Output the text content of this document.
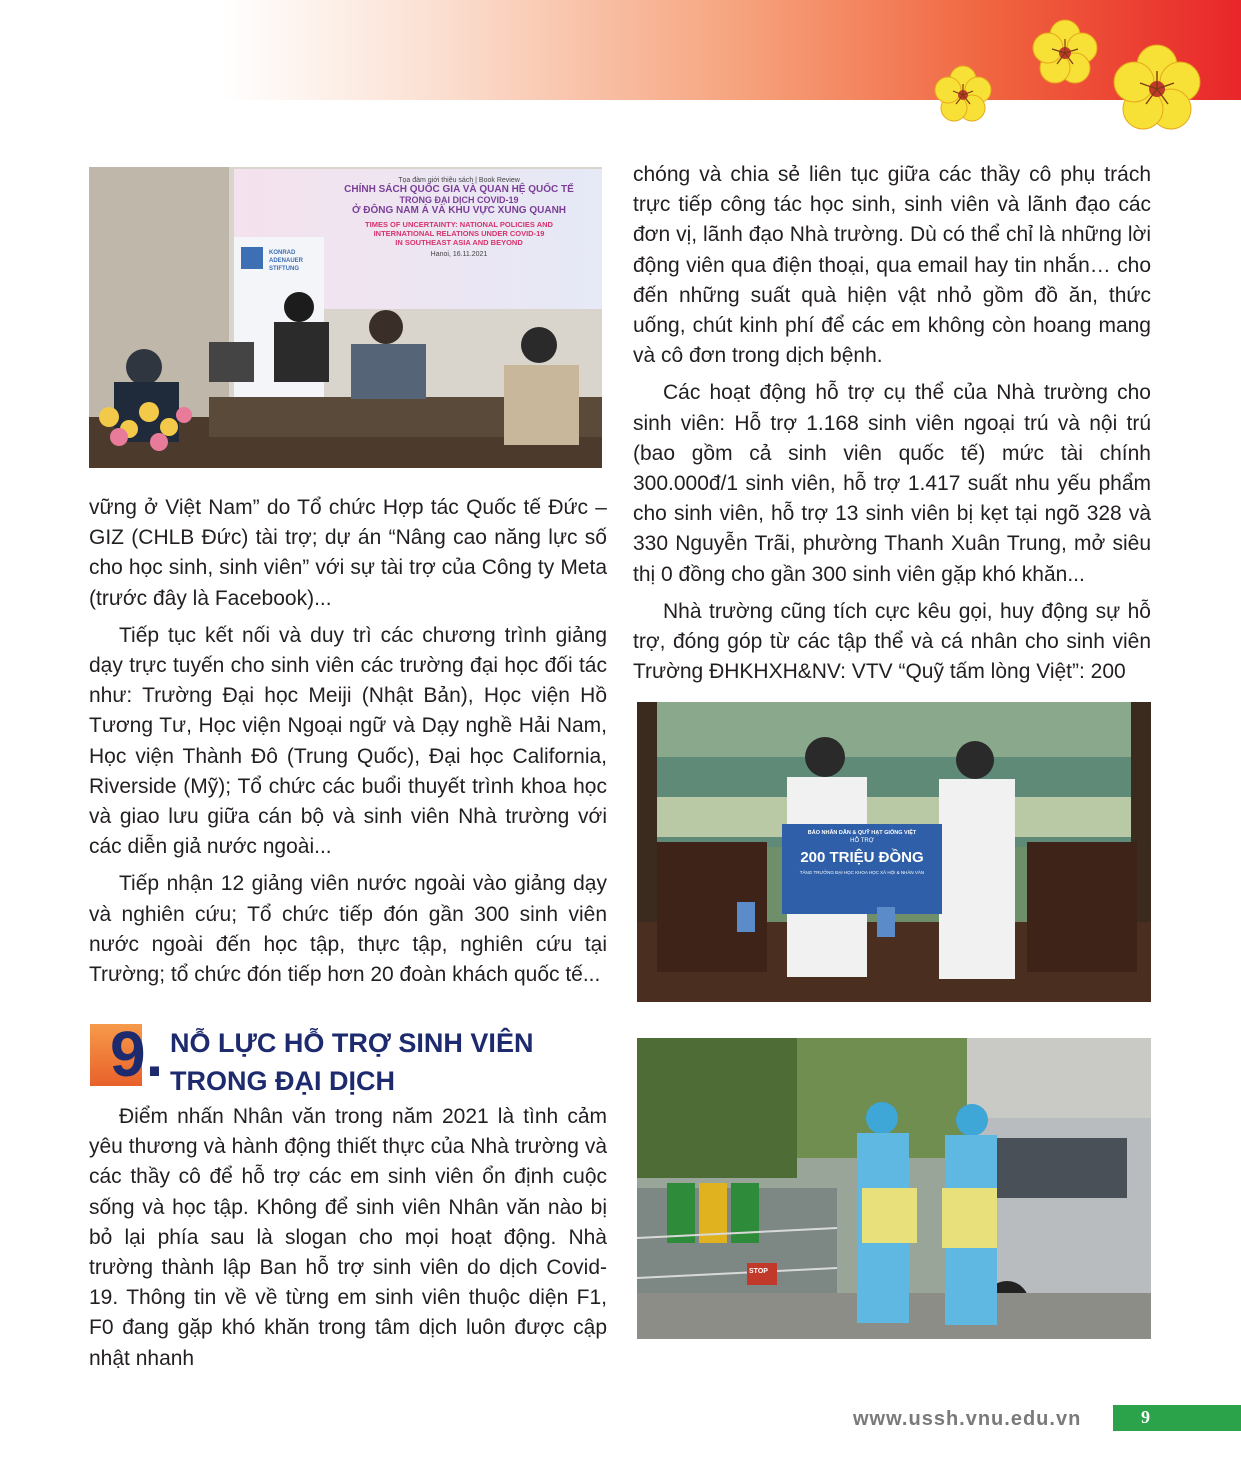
Tọa đàm giới thiệu sách | Book Review
CHÍNH SÁCH QUỐC GIA VÀ QUAN HỆ QUỐC TẾ
TRONG ĐẠI DỊCH COVID-19
Ở ĐÔNG NAM Á VÀ KHU VỰC XUNG QUANH
TIMES OF UNCERTAINTY: NATIONAL POLICIES AND
INTERNATIONAL RELATIONS UNDER COVID-19
IN SOUTHEAST ASIA AND BEYOND
Hanoi, 16.11.2021
KONRAD
ADENAUER
STIFTUNG

vững ở Việt Nam” do Tổ chức Hợp tác Quốc tế Đức – GIZ (CHLB Đức) tài trợ; dự án “Nâng cao năng lực số cho học sinh, sinh viên” với sự tài trợ của Công ty Meta (trước đây là Facebook)...

Tiếp tục kết nối và duy trì các chương trình giảng dạy trực tuyến cho sinh viên các trường đại học đối tác như: Trường Đại học Meiji (Nhật Bản), Học viện Hồ Tương Tư, Học viện Ngoại ngữ và Dạy nghề Hải Nam, Học viện Thành Đô (Trung Quốc), Đại học California, Riverside (Mỹ); Tổ chức các buổi thuyết trình khoa học và giao lưu giữa cán bộ và sinh viên Nhà trường với các diễn giả nước ngoài...

Tiếp nhận 12 giảng viên nước ngoài vào giảng dạy và nghiên cứu; Tổ chức tiếp đón gần 300 sinh viên nước ngoài đến học tập, thực tập, nghiên cứu tại Trường; tổ chức đón tiếp hơn 20 đoàn khách quốc tế...

9. NỖ LỰC HỖ TRỢ SINH VIÊN TRONG ĐẠI DỊCH

Điểm nhấn Nhân văn trong năm 2021 là tình cảm yêu thương và hành động thiết thực của Nhà trường và các thầy cô để hỗ trợ các em sinh viên ổn định cuộc sống và học tập. Không để sinh viên Nhân văn nào bị bỏ lại phía sau là slogan cho mọi hoạt động. Nhà trường thành lập Ban hỗ trợ sinh viên do dịch Covid-19. Thông tin về về từng em sinh viên thuộc diện F1, F0 đang gặp khó khăn trong tâm dịch luôn được cập nhật nhanh

chóng và chia sẻ liên tục giữa các thầy cô phụ trách trực tiếp công tác học sinh, sinh viên và lãnh đạo các đơn vị, lãnh đạo Nhà trường. Dù có thể chỉ là những lời động viên qua điện thoại, qua email hay tin nhắn… cho đến những suất quà hiện vật nhỏ gồm đồ ăn, thức uống, chút kinh phí để các em không còn hoang mang và cô đơn trong dịch bệnh.

Các hoạt động hỗ trợ cụ thể của Nhà trường cho sinh viên: Hỗ trợ 1.168 sinh viên ngoại trú và nội trú (bao gồm cả sinh viên quốc tế) mức tài chính 300.000đ/1 sinh viên, hỗ trợ 1.417 suất nhu yếu phẩm cho sinh viên, hỗ trợ 13 sinh viên bị kẹt tại ngõ 328 và 330 Nguyễn Trãi, phường Thanh Xuân Trung, mở siêu thị 0 đồng cho gần 300 sinh viên gặp khó khăn...

Nhà trường cũng tích cực kêu gọi, huy động sự hỗ trợ, đóng góp từ các tập thể và cá nhân cho sinh viên Trường ĐHKHXH&NV: VTV “Quỹ tấm lòng Việt”: 200

BÁO NHÂN DÂN & QUỸ HẠT GIỐNG VIỆT
HỖ TRỢ
200 TRIỆU ĐỒNG
TĂNG TRƯỞNG ĐẠI HỌC KHOA HỌC XÃ HỘI & NHÂN VĂN
STOP
www.ussh.vnu.edu.vn	9
